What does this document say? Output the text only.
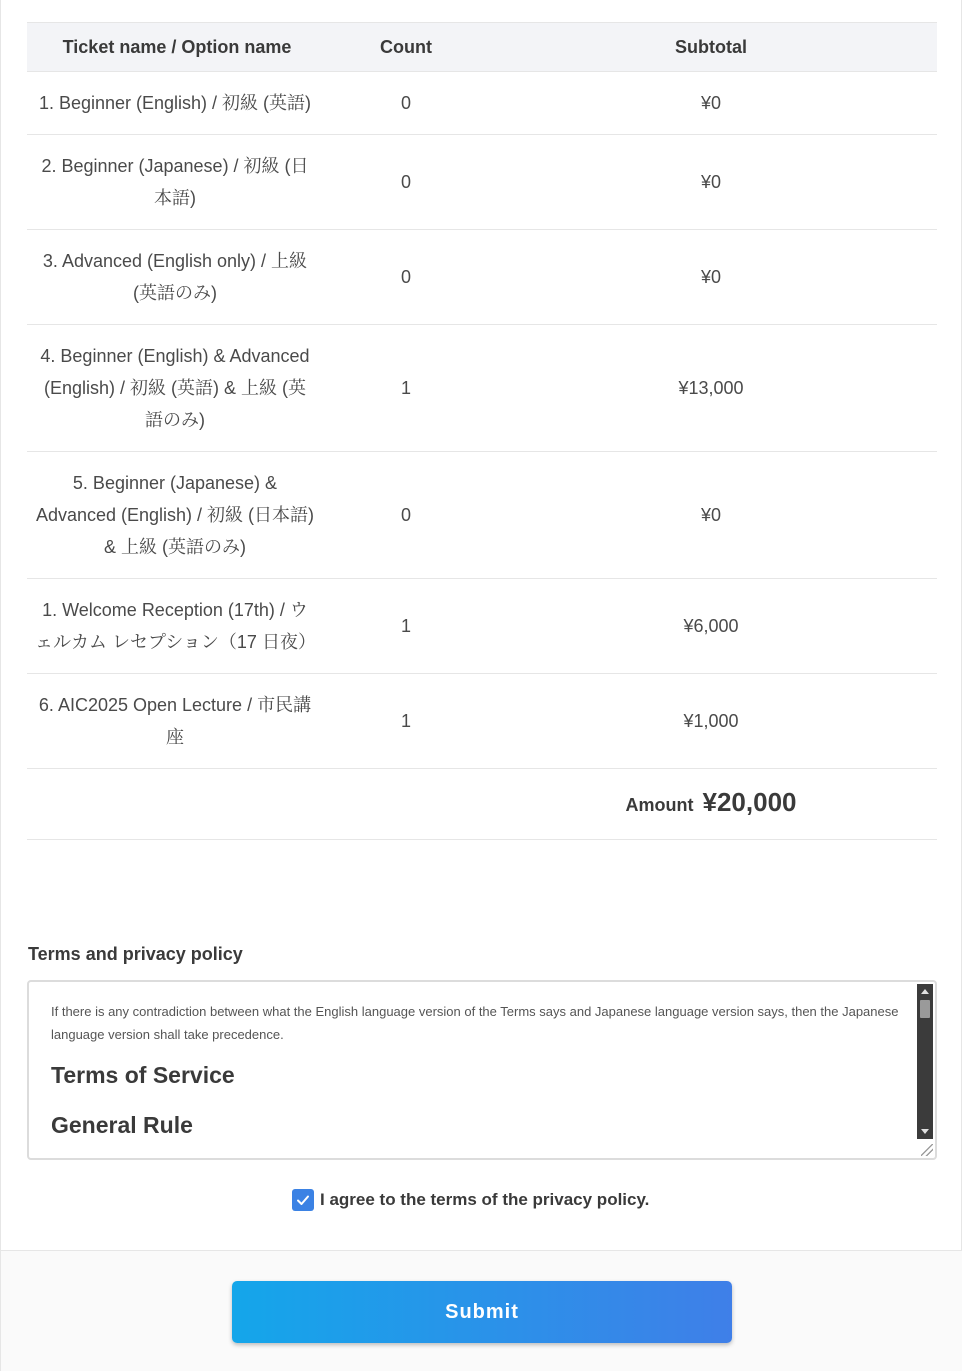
Ticket name / Option name	Count	Subtotal
1. Beginner (English) / 初級 (英語)	0	¥0
2. Beginner (Japanese) / 初級 (日本語)	0	¥0
3. Advanced (English only) / 上級 (英語のみ)	0	¥0
4. Beginner (English) & Advanced (English) / 初級 (英語) & 上級 (英語のみ)	1	¥13,000
5. Beginner (Japanese) & Advanced (English) / 初級 (日本語) & 上級 (英語のみ)	0	¥0
1. Welcome Reception (17th) / ウェルカム レセプション（17 日夜）	1	¥6,000
6. AIC2025 Open Lecture / 市民講座	1	¥1,000
		Amount ¥20,000
Terms and privacy policy

If there is any contradiction between what the English language version of the Terms says and Japanese language version says, then the Japanese language version shall take precedence.

Terms of Service
General Rule
I agree to the terms of the privacy policy.
Submit
